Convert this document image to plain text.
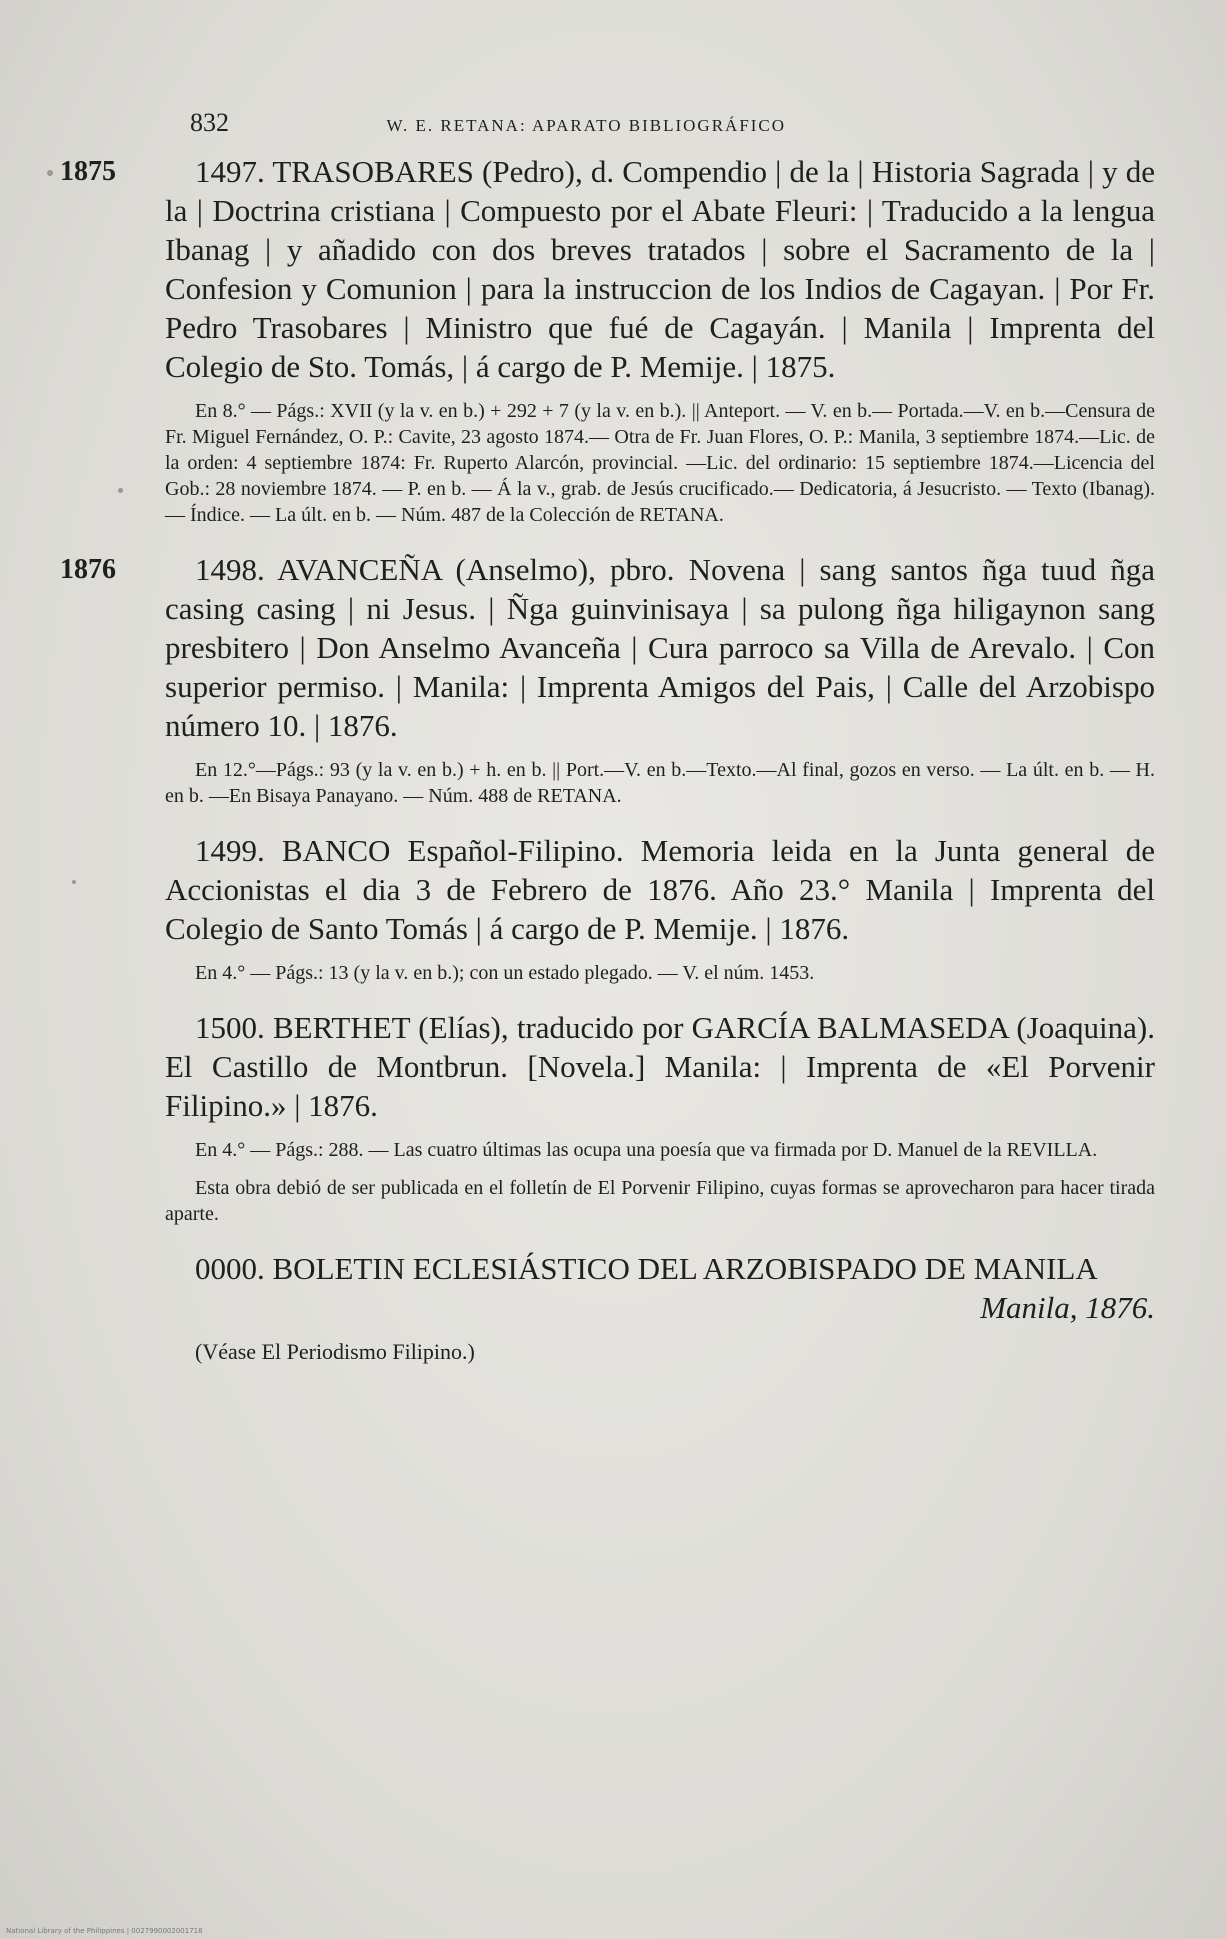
832	W. E. RETANA: APARATO BIBLIOGRÁFICO
1875	1497. TRASOBARES (Pedro), d. Compendio | de la | Historia Sagrada | y de la | Doctrina cristiana | Compuesto por el Abate Fleuri: | Traducido a la lengua Ibanag | y añadido con dos breves tratados | sobre el Sacramento de la | Confesion y Comunion | para la instruccion de los Indios de Cagayan. | Por Fr. Pedro Trasobares | Ministro que fué de Cagayán. | Manila | Imprenta del Colegio de Sto. Tomás, | á cargo de P. Memije. | 1875.

En 8.° — Págs.: XVII (y la v. en b.) + 292 + 7 (y la v. en b.). || Anteport. — V. en b.— Portada.—V. en b.—Censura de Fr. Miguel Fernández, O. P.: Cavite, 23 agosto 1874.— Otra de Fr. Juan Flores, O. P.: Manila, 3 septiembre 1874.—Lic. de la orden: 4 septiembre 1874: Fr. Ruperto Alarcón, provincial. —Lic. del ordinario: 15 septiembre 1874.—Licencia del Gob.: 28 noviembre 1874. — P. en b. — Á la v., grab. de Jesús crucificado.— Dedicatoria, á Jesucristo. — Texto (Ibanag). — Índice. — La últ. en b. — Núm. 487 de la Colección de RETANA.

1876	1498. AVANCEÑA (Anselmo), pbro. Novena | sang santos ñga tuud ñga casing casing | ni Jesus. | Ñga guinvinisaya | sa pulong ñga hiligaynon sang presbitero | Don Anselmo Avanceña | Cura parroco sa Villa de Arevalo. | Con superior permiso. | Manila: | Imprenta Amigos del Pais, | Calle del Arzobispo número 10. | 1876.

En 12.°—Págs.: 93 (y la v. en b.) + h. en b. || Port.—V. en b.—Texto.—Al final, gozos en verso. — La últ. en b. — H. en b. —En Bisaya Panayano. — Núm. 488 de RETANA.

1499. BANCO Español-Filipino. Memoria leida en la Junta general de Accionistas el dia 3 de Febrero de 1876. Año 23.° Manila | Imprenta del Colegio de Santo Tomás | á cargo de P. Memije. | 1876.

En 4.° — Págs.: 13 (y la v. en b.); con un estado plegado. — V. el núm. 1453.

1500. BERTHET (Elías), traducido por GARCÍA BALMASEDA (Joaquina). El Castillo de Montbrun. [Novela.] Manila: | Imprenta de «El Porvenir Filipino.» | 1876.

En 4.° — Págs.: 288. — Las cuatro últimas las ocupa una poesía que va firmada por D. Manuel de la REVILLA.

Esta obra debió de ser publicada en el folletín de El Porvenir Filipino, cuyas formas se aprovecharon para hacer tirada aparte.

0000. BOLETIN ECLESIÁSTICO DEL ARZOBISPADO DE MANILA

Manila, 1876.
(Véase El Periodismo Filipino.)
National Library of the Philippines | 0027990002001718
